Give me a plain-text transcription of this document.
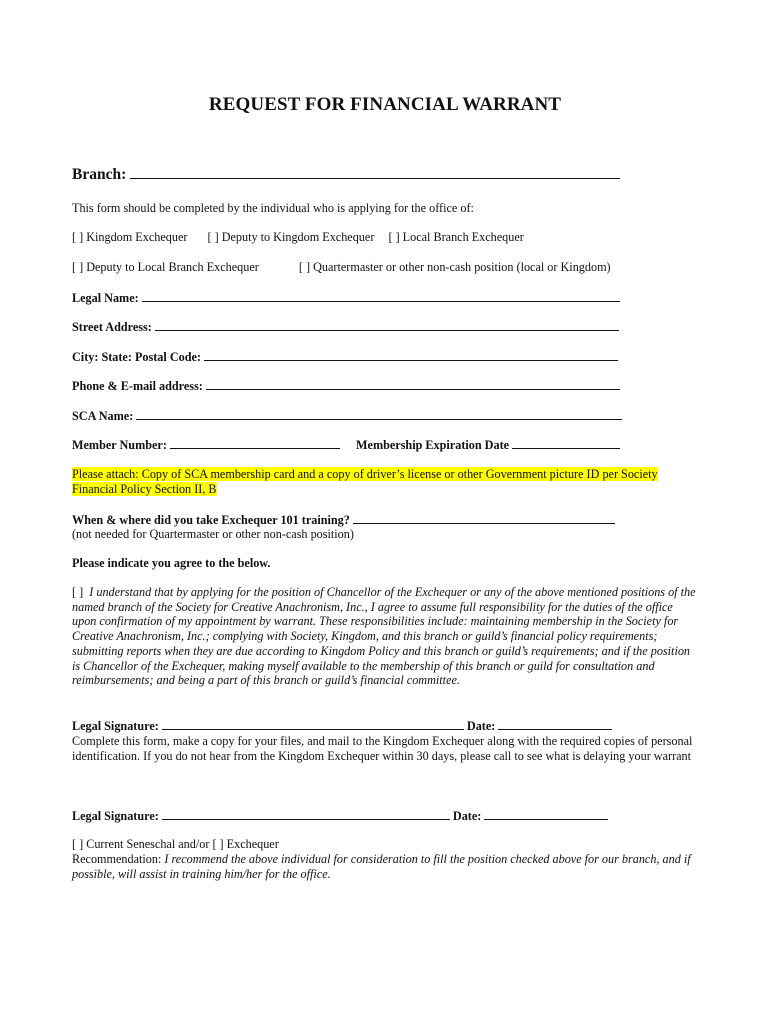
REQUEST FOR FINANCIAL WARRANT
Branch:
This form should be completed by the individual who is applying for the office of:
[ ] Kingdom Exchequer [ ] Deputy to Kingdom Exchequer [ ] Local Branch Exchequer
[ ] Deputy to Local Branch Exchequer	[ ] Quartermaster or other non-cash position (local or Kingdom)
Legal Name:
Street Address:
City: State: Postal Code:
Phone & E-mail address:
SCA Name:
Member Number:	Membership Expiration Date
Please attach: Copy of SCA membership card and a copy of driver’s license or other Government picture ID per Society
Financial Policy Section II, B
When & where did you take Exchequer 101 training?
(not needed for Quartermaster or other non-cash position)
Please indicate you agree to the below.
[ ] I understand that by applying for the position of Chancellor of the Exchequer or any of the above mentioned positions of the named branch of the Society for Creative Anachronism, Inc., I agree to assume full responsibility for the duties of the office upon confirmation of my appointment by warrant. These responsibilities include: maintaining membership in the Society for Creative Anachronism, Inc.; complying with Society, Kingdom, and this branch or guild’s financial policy requirements; submitting reports when they are due according to Kingdom Policy and this branch or guild’s requirements; and if the position is Chancellor of the Exchequer, making myself available to the membership of this branch or guild for consultation and reimbursements; and being a part of this branch or guild’s financial committee.
Legal Signature:	Date:
Complete this form, make a copy for your files, and mail to the Kingdom Exchequer along with the required copies of personal identification. If you do not hear from the Kingdom Exchequer within 30 days, please call to see what is delaying your warrant
Legal Signature:	Date:
[ ] Current Seneschal and/or [ ] Exchequer
Recommendation: I recommend the above individual for consideration to fill the position checked above for our branch, and if possible, will assist in training him/her for the office.
